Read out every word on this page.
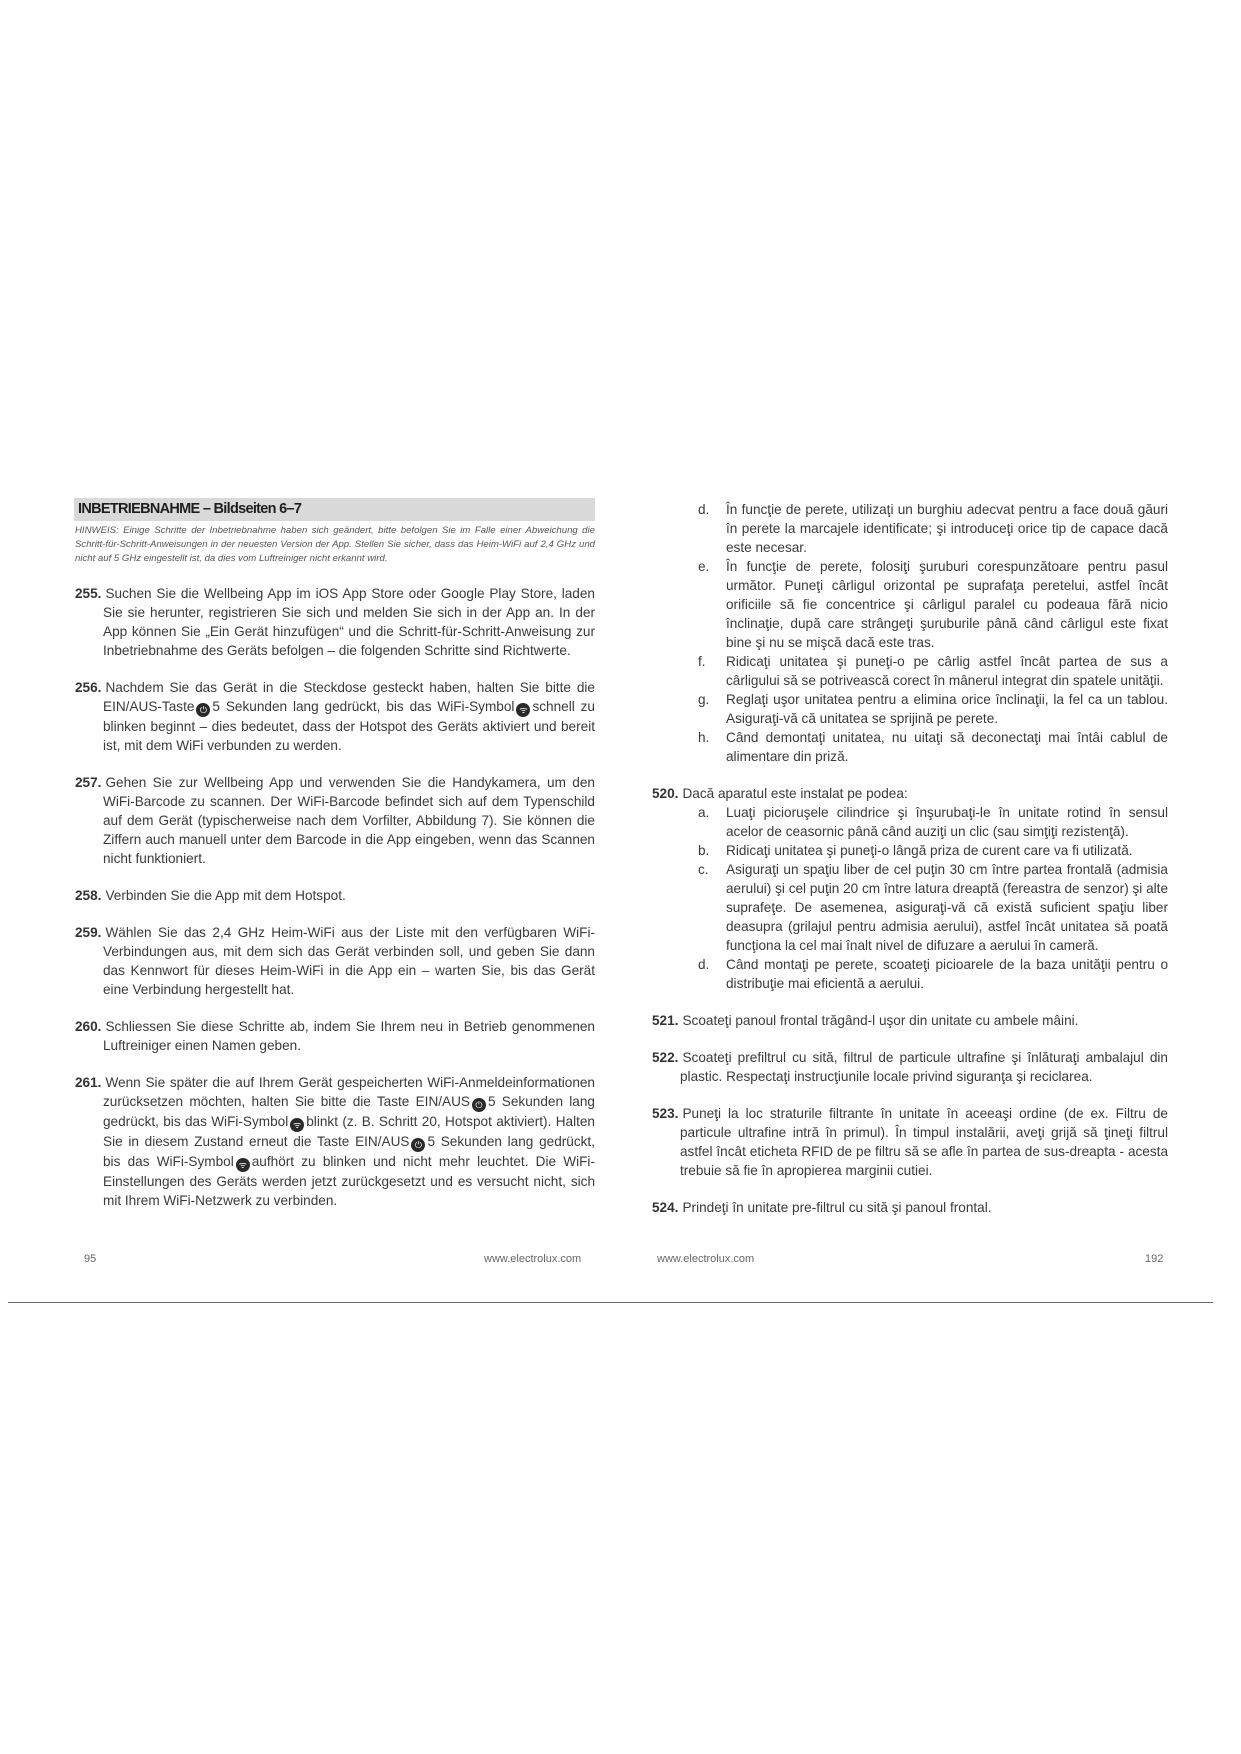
INBETRIEBNAHME – Bildseiten 6–7
HINWEIS: Einige Schritte der Inbetriebnahme haben sich geändert, bitte befolgen Sie im Falle einer Abweichung die Schritt-für-Schritt-Anweisungen in der neuesten Version der App. Stellen Sie sicher, dass das Heim-WiFi auf 2,4 GHz und nicht auf 5 GHz eingestellt ist, da dies vom Luftreiniger nicht erkannt wird.
255. Suchen Sie die Wellbeing App im iOS App Store oder Google Play Store, laden Sie sie herunter, registrieren Sie sich und melden Sie sich in der App an. In der App können Sie „Ein Gerät hinzufügen“ und die Schritt-für-Schritt-Anweisung zur Inbetriebnahme des Geräts befolgen – die folgenden Schritte sind Richtwerte.
256. Nachdem Sie das Gerät in die Steckdose gesteckt haben, halten Sie bitte die EIN/AUS-Taste ⏻ 5 Sekunden lang gedrückt, bis das WiFi-Symbol ᯤ schnell zu blinken beginnt – dies bedeutet, dass der Hotspot des Geräts aktiviert und bereit ist, mit dem WiFi verbunden zu werden.
257. Gehen Sie zur Wellbeing App und verwenden Sie die Handykamera, um den WiFi-Barcode zu scannen. Der WiFi-Barcode befindet sich auf dem Typenschild auf dem Gerät (typischerweise nach dem Vorfilter, Abbildung 7). Sie können die Ziffern auch manuell unter dem Barcode in die App eingeben, wenn das Scannen nicht funktioniert.
258. Verbinden Sie die App mit dem Hotspot.
259. Wählen Sie das 2,4 GHz Heim-WiFi aus der Liste mit den verfügbaren WiFi-Verbindungen aus, mit dem sich das Gerät verbinden soll, und geben Sie dann das Kennwort für dieses Heim-WiFi in die App ein – warten Sie, bis das Gerät eine Verbindung hergestellt hat.
260. Schliessen Sie diese Schritte ab, indem Sie Ihrem neu in Betrieb genommenen Luftreiniger einen Namen geben.
261. Wenn Sie später die auf Ihrem Gerät gespeicherten WiFi-Anmeldeinformationen zurücksetzen möchten, halten Sie bitte die Taste EIN/AUS ⏻ 5 Sekunden lang gedrückt, bis das WiFi-Symbol ᯤ blinkt (z. B. Schritt 20, Hotspot aktiviert). Halten Sie in diesem Zustand erneut die Taste EIN/AUS ⏻ 5 Sekunden lang gedrückt, bis das WiFi-Symbol ᯤ aufhört zu blinken und nicht mehr leuchtet. Die WiFi-Einstellungen des Geräts werden jetzt zurückgesetzt und es versucht nicht, sich mit Ihrem WiFi-Netzwerk zu verbinden.
d.	În funcţie de perete, utilizaţi un burghiu adecvat pentru a face două găuri în perete la marcajele identificate; şi introduceţi orice tip de capace dacă este necesar.
e.	În funcţie de perete, folosiţi şuruburi corespunzătoare pentru pasul următor. Puneţi cârligul orizontal pe suprafaţa peretelui, astfel încât orificiile să fie concentrice şi cârligul paralel cu podeaua fără nicio înclinaţie, după care strângeţi şuruburile până când cârligul este fixat bine şi nu se mişcă dacă este tras.
f.	Ridicaţi unitatea şi puneţi-o pe cârlig astfel încât partea de sus a cârligului să se potrivească corect în mânerul integrat din spatele unităţii.
g.	Reglaţi uşor unitatea pentru a elimina orice înclinaţii, la fel ca un tablou. Asiguraţi-vă că unitatea se sprijină pe perete.
h.	Când demontaţi unitatea, nu uitaţi să deconectaţi mai întâi cablul de alimentare din priză.
520. Dacă aparatul este instalat pe podea:
a.	Luaţi picioruşele cilindrice şi înşurubaţi-le în unitate rotind în sensul acelor de ceasornic până când auziţi un clic (sau simţiţi rezistenţă).
b.	Ridicaţi unitatea şi puneţi-o lângă priza de curent care va fi utilizată.
c.	Asiguraţi un spaţiu liber de cel puţin 30 cm între partea frontală (admisia aerului) şi cel puţin 20 cm între latura dreaptă (fereastra de senzor) şi alte suprafeţe. De asemenea, asiguraţi-vă că există suficient spaţiu liber deasupra (grilajul pentru admisia aerului), astfel încât unitatea să poată funcţiona la cel mai înalt nivel de difuzare a aerului în cameră.
d.	Când montaţi pe perete, scoateţi picioarele de la baza unităţii pentru o distribuţie mai eficientă a aerului.
521. Scoateţi panoul frontal trăgând-l uşor din unitate cu ambele mâini.
522. Scoateţi prefiltrul cu sită, filtrul de particule ultrafine şi înlăturaţi ambalajul din plastic. Respectaţi instrucţiunile locale privind siguranţa şi reciclarea.
523. Puneţi la loc straturile filtrante în unitate în aceeaşi ordine (de ex. Filtru de particule ultrafine intră în primul). În timpul instalării, aveţi grijă să ţineţi filtrul astfel încât eticheta RFID de pe filtru să se afle în partea de sus-dreapta - acesta trebuie să fie în apropierea marginii cutiei.
524. Prindeţi în unitate pre-filtrul cu sită şi panoul frontal.
95	www.electrolux.com	www.electrolux.com	192
